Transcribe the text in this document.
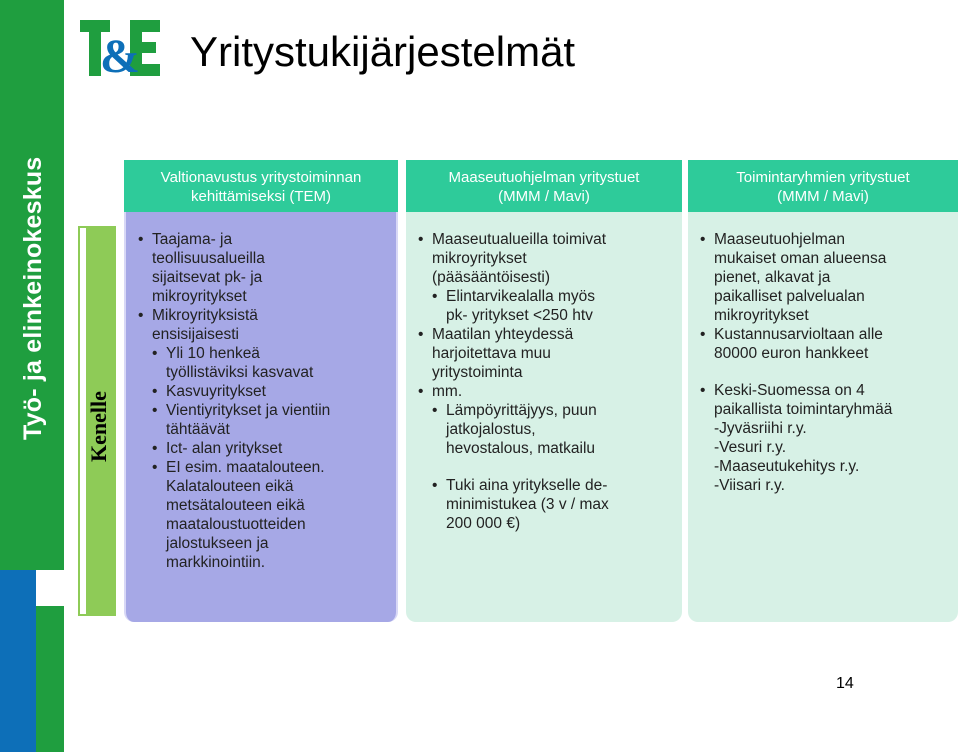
Työ- ja elinkeinokeskus
& Yritystukijärjestelmät
Kenelle
Valtionavustus yritystoiminnan
kehittämiseksi (TEM)
• Taajama- ja
teollisuusalueilla
sijaitsevat pk- ja
mikroyritykset
• Mikroyrityksistä
ensisijaisesti
• Yli 10 henkeä
työllistäviksi kasvavat
• Kasvuyritykset
• Vientiyritykset ja vientiin
tähtäävät
• Ict- alan yritykset
• EI esim. maatalouteen.
Kalatalouteen eikä
metsätalouteen eikä
maataloustuotteiden
jalostukseen ja
markkinointiin.
Maaseutuohjelman yritystuet
(MMM / Mavi)
• Maaseutualueilla toimivat
mikroyritykset
(pääsääntöisesti)
• Elintarvikealalla myös
pk- yritykset <250 htv
• Maatilan yhteydessä
harjoitettava muu
yritystoiminta
• mm.
• Lämpöyrittäjyys, puun
jatkojalostus,
hevostalous, matkailu
• Tuki aina yritykselle de-
minimistukea (3 v / max
200 000 €)
Toimintaryhmien yritystuet
(MMM / Mavi)
• Maaseutuohjelman
mukaiset oman alueensa
pienet, alkavat ja
paikalliset palvelualan
mikroyritykset
• Kustannusarvioltaan alle
80000 euron hankkeet
• Keski-Suomessa on 4
paikallista toimintaryhmää
-Jyväsriihi r.y.
-Vesuri r.y.
-Maaseutukehitys r.y.
-Viisari r.y.
14
